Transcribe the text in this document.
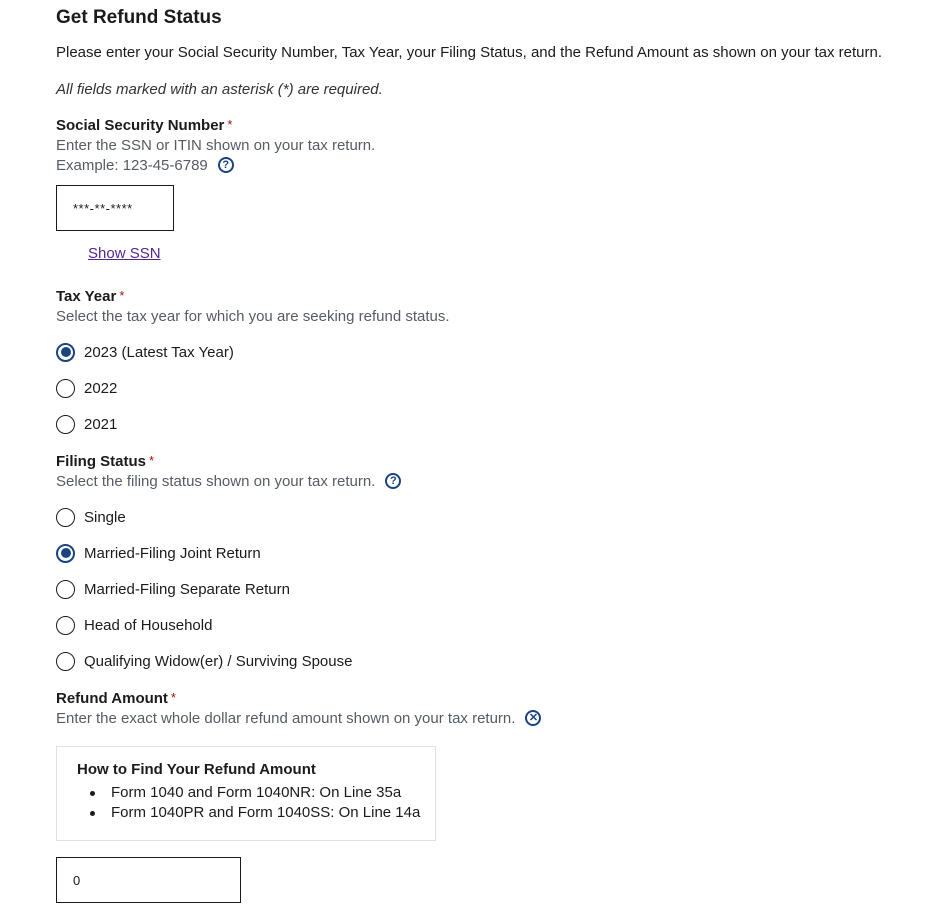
Get Refund Status

Please enter your Social Security Number, Tax Year, your Filing Status, and the Refund Amount as shown on your tax return.

All fields marked with an asterisk (*) are required.

Social Security Number *
Enter the SSN or ITIN shown on your tax return.
Example: 123-45-6789 ?
***-**-****
Show SSN
Tax Year *
Select the tax year for which you are seeking refund status.
2023 (Latest Tax Year)
2022
2021
Filing Status *
Select the filing status shown on your tax return. ?
Single
Married-Filing Joint Return
Married-Filing Separate Return
Head of Household
Qualifying Widow(er) / Surviving Spouse
Refund Amount *
Enter the exact whole dollar refund amount shown on your tax return. ✕
How to Find Your Refund Amount
Form 1040 and Form 1040NR: On Line 35a
Form 1040PR and Form 1040SS: On Line 14a
0
